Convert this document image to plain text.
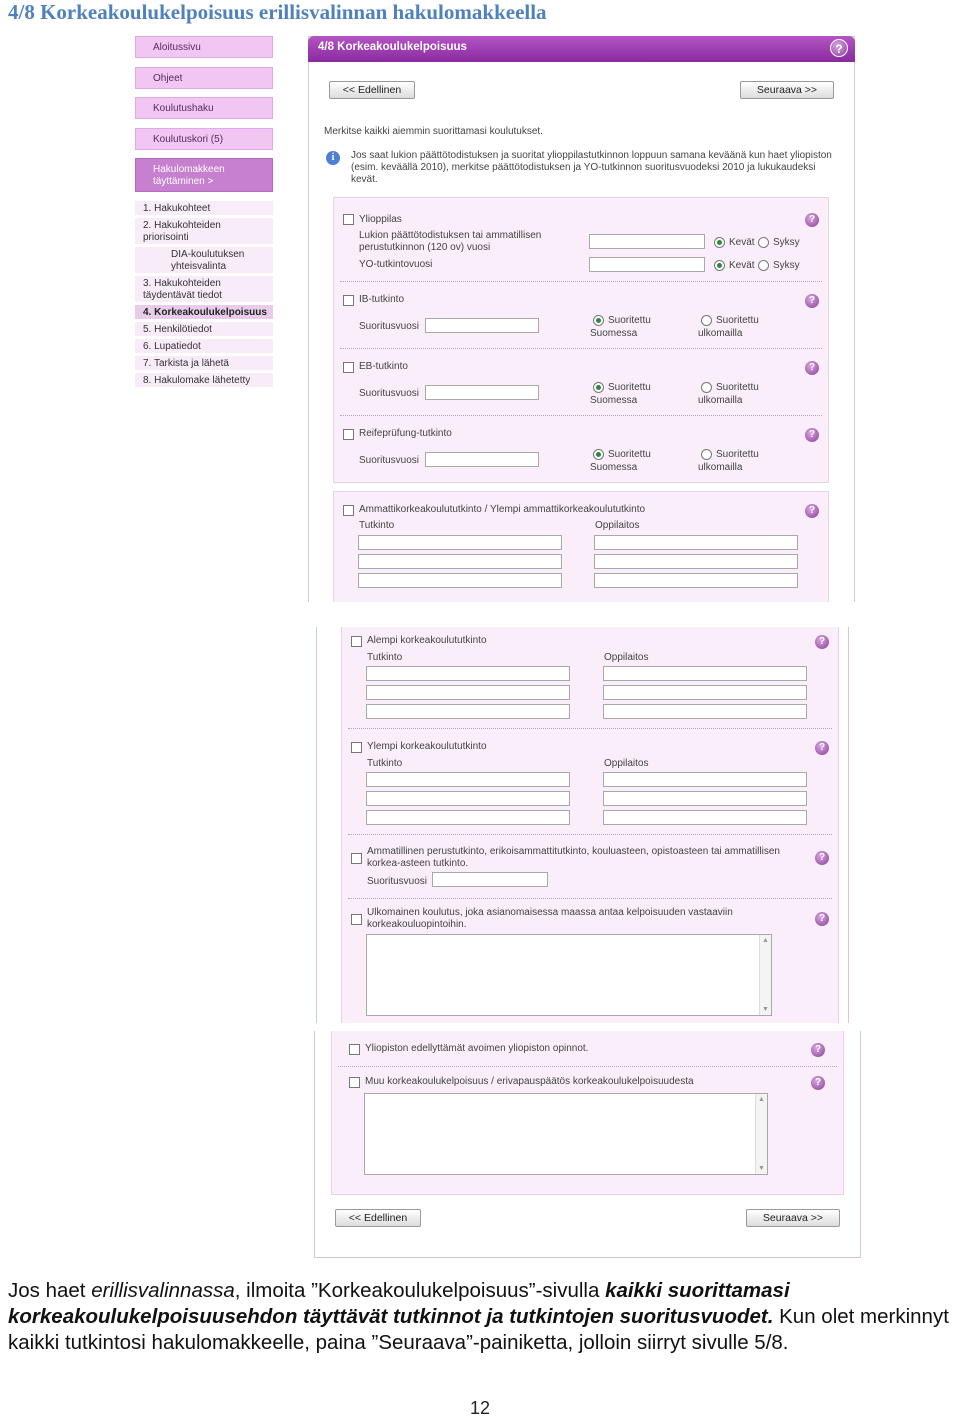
4/8 Korkeakoulukelpoisuus erillisvalinnan hakulomakkeella
Aloitussivu
Ohjeet
Koulutushaku
Koulutuskori (5)
Hakulomakkeen
täyttäminen >
1. Hakukohteet
2. Hakukohteiden
priorisointi
DIA-koulutuksen
yhteisvalinta
3. Hakukohteiden
täydentävät tiedot
4. Korkeakoulukelpoisuus
5. Henkilötiedot
6. Lupatiedot
7. Tarkista ja lähetä
8. Hakulomake lähetetty
4/8 Korkeakoulukelpoisuus	?
<< Edellinen	Seuraava >>
Merkitse kaikki aiemmin suorittamasi koulutukset.
i	Jos saat lukion päättötodistuksen ja suoritat ylioppilastutkinnon loppuun samana keväänä kun haet yliopiston
(esim. keväällä 2010), merkitse päättötodistuksen ja YO-tutkinnon suoritusvuodeksi 2010 ja lukukaudeksi
kevät.
Ylioppilas	?
Lukion päättötodistuksen tai ammatillisen
perustutkinnon (120 ov) vuosi	Kevät Syksy
YO-tutkintovuosi	Kevät Syksy
IB-tutkinto	?
Suoritusvuosi
Suoritettu
Suomessa
Suoritettu
ulkomailla
EB-tutkinto	?
Suoritusvuosi
Suoritettu
Suomessa
Suoritettu
ulkomailla
Reifeprüfung-tutkinto	?
Suoritusvuosi
Suoritettu
Suomessa
Suoritettu
ulkomailla
Ammattikorkeakoulututkinto / Ylempi ammattikorkeakoulututkinto	?
Tutkinto	Oppilaitos
Alempi korkeakoulututkinto	?
Tutkinto	Oppilaitos
Ylempi korkeakoulututkinto	?
Tutkinto	Oppilaitos
Ammatillinen perustutkinto, erikoisammattitutkinto, kouluasteen, opistoasteen tai ammatillisen
korkea-asteen tutkinto.
?
Suoritusvuosi
Ulkomainen koulutus, joka asianomaisessa maassa antaa kelpoisuuden vastaaviin
korkeakouluopintoihin.
?
▲
▼
Yliopiston edellyttämät avoimen yliopiston opinnot.	?
Muu korkeakoulukelpoisuus / erivapauspäätös korkeakoulukelpoisuudesta	?
▲
▼
<< Edellinen	Seuraava >>
Jos haet erillisvalinnassa, ilmoita ”Korkeakoulukelpoisuus”-sivulla kaikki suorittamasi korkeakoulukelpoisuusehdon täyttävät tutkinnot ja tutkintojen suoritusvuodet. Kun olet merkinnyt kaikki tutkintosi hakulomakkeelle, paina ”Seuraava”-painiketta, jolloin siirryt sivulle 5/8.
12
